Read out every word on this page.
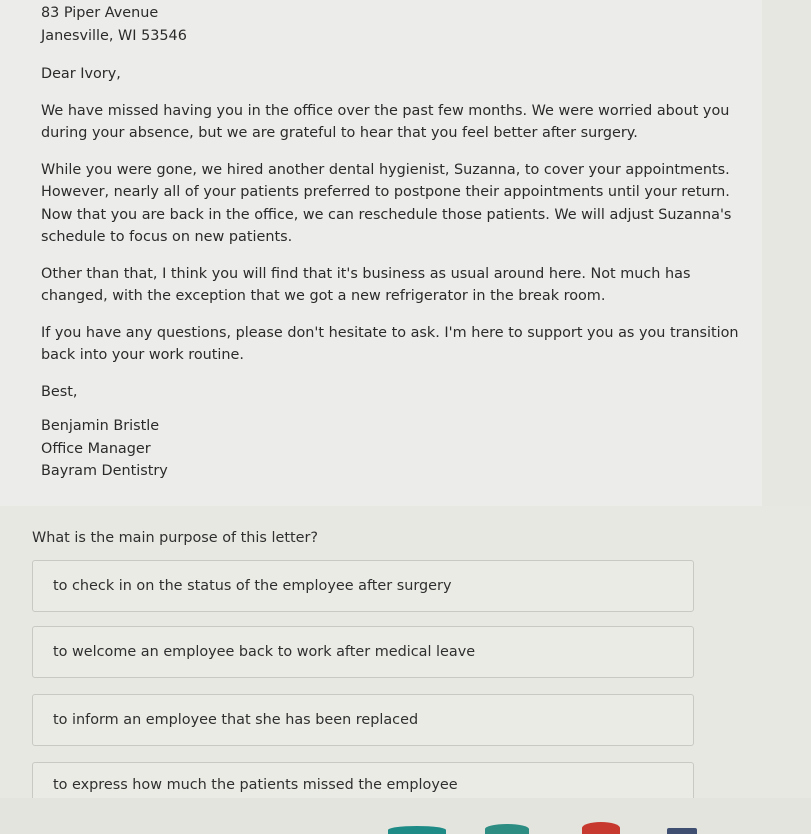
83 Piper Avenue

Janesville, WI 53546

Dear Ivory,

We have missed having you in the office over the past few months. We were worried about you during your absence, but we are grateful to hear that you feel better after surgery.

While you were gone, we hired another dental hygienist, Suzanna, to cover your appointments. However, nearly all of your patients preferred to postpone their appointments until your return. Now that you are back in the office, we can reschedule those patients. We will adjust Suzanna's schedule to focus on new patients.

Other than that, I think you will find that it's business as usual around here. Not much has changed, with the exception that we got a new refrigerator in the break room.

If you have any questions, please don't hesitate to ask. I'm here to support you as you transition back into your work routine.

Best,

Benjamin Bristle

Office Manager

Bayram Dentistry

What is the main purpose of this letter?
to check in on the status of the employee after surgery
to welcome an employee back to work after medical leave
to inform an employee that she has been replaced
to express how much the patients missed the employee
